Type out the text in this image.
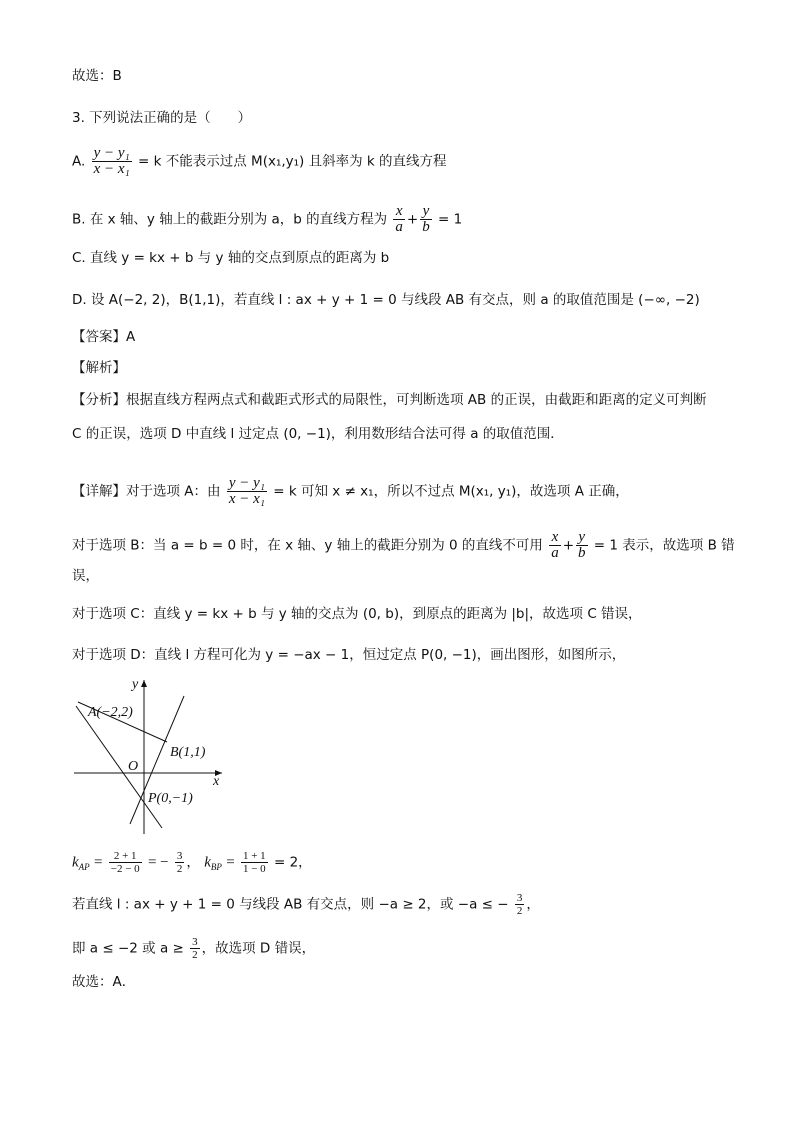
故选：B
3. 下列说法正确的是（　　）
A. $\frac{\text{y − y₁}}{\text{x − x₁}} = k$ 不能表示过点 M(x₁,y₁) 且斜率为 k 的直线方程
B. 在 x 轴、y 轴上的截距分别为 a，b 的直线方程为 $\frac{x}{a} + \frac{y}{b} = 1$
C. 直线 y = kx + b 与 y 轴的交点到原点的距离为 b
D. 设 A(−2, 2)，B(1,1)，若直线 l : ax + y + 1 = 0 与线段 AB 有交点，则 a 的取值范围是 (−∞, −2)
【答案】A
【解析】
【分析】根据直线方程两点式和截距式形式的局限性，可判断选项 AB 的正误，由截距和距离的定义可判断
C 的正误，选项 D 中直线 l 过定点 (0, −1)，利用数形结合法可得 a 的取值范围．
【详解】对于选项 A：由 $\frac{\text{y − y₁}}{\text{x − x₁}} = k$ 可知 x ≠ x₁，所以不过点 M(x₁, y₁)，故选项 A 正确，
对于选项 B：当 a = b = 0 时，在 x 轴、y 轴上的截距分别为 0 的直线不可用 $\frac{x}{a} + \frac{y}{b} = 1$ 表示，故选项 B 错
误，
对于选项 C：直线 y = kx + b 与 y 轴的交点为 (0, b)，到原点的距离为 |b|，故选项 C 错误，
对于选项 D：直线 l 方程可化为 y = −ax − 1，恒过定点 P(0, −1)，画出图形，如图所示，
y
x
O
A(−2,2)
B(1,1)
P(0,−1)
$k_{AP} = \frac{2 + 1}{-2 - 0}$ = − $\frac{3}{2}$ ， $k_{BP} = \frac{1 + 1}{1 - 0} = 2$，
若直线 l : ax + y + 1 = 0 与线段 AB 有交点，则 −a ≥ 2，或 −a ≤ − $\frac{3}{2}$ ，
即 a ≤ −2 或 $a \ge \frac{3}{2}$ ，故选项 D 错误，
故选：A．
